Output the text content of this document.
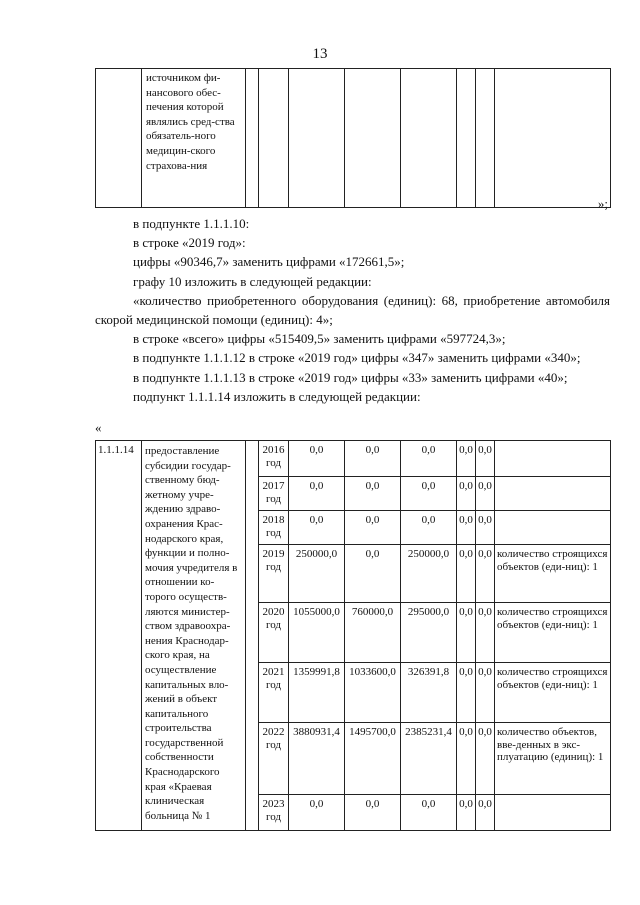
13
	источником фи-нансового обес-печения которой являлись сред-ства обязатель-ного медицин-ского страхова-ния								
»;

в подпункте 1.1.1.10:

в строке «2019 год»:

цифры «90346,7» заменить цифрами «172661,5»;

графу 10 изложить в следующей редакции:

«количество приобретенного оборудования (единиц): 68, приобретение автомобиля скорой медицинской помощи (единиц): 4»;

в строке «всего» цифры «515409,5» заменить цифрами «597724,3»;

в подпункте 1.1.1.12 в строке «2019 год» цифры «347» заменить цифрами «340»;

в подпункте 1.1.1.13 в строке «2019 год» цифры «33» заменить цифрами «40»;

подпункт 1.1.1.14 изложить в следующей редакции:

«
1.1.1.14	предоставление субсидии государ-ственному бюд-жетному учре-ждению здраво-охранения Крас-нодарского края, функции и полно-мочия учредителя в отношении ко-торого осуществ-ляются министер-ством здравоохра-нения Краснодар-ского края, на осуществление капитальных вло-жений в объект капитального строительства государственной собственности Краснодарского края «Краевая клиническая больница № 1		2016 год	0,0	0,0	0,0	0,0	0,0	
			2017 год	0,0	0,0	0,0	0,0	0,0	
			2018 год	0,0	0,0	0,0	0,0	0,0	
			2019 год	250000,0	0,0	250000,0	0,0	0,0	количество строящихся объектов (еди-ниц): 1
			2020 год	1055000,0	760000,0	295000,0	0,0	0,0	количество строящихся объектов (еди-ниц): 1
			2021 год	1359991,8	1033600,0	326391,8	0,0	0,0	количество строящихся объектов (еди-ниц): 1
			2022 год	3880931,4	1495700,0	2385231,4	0,0	0,0	количество объектов, вве-денных в экс-плуатацию (единиц): 1
			2023 год	0,0	0,0	0,0	0,0	0,0	
